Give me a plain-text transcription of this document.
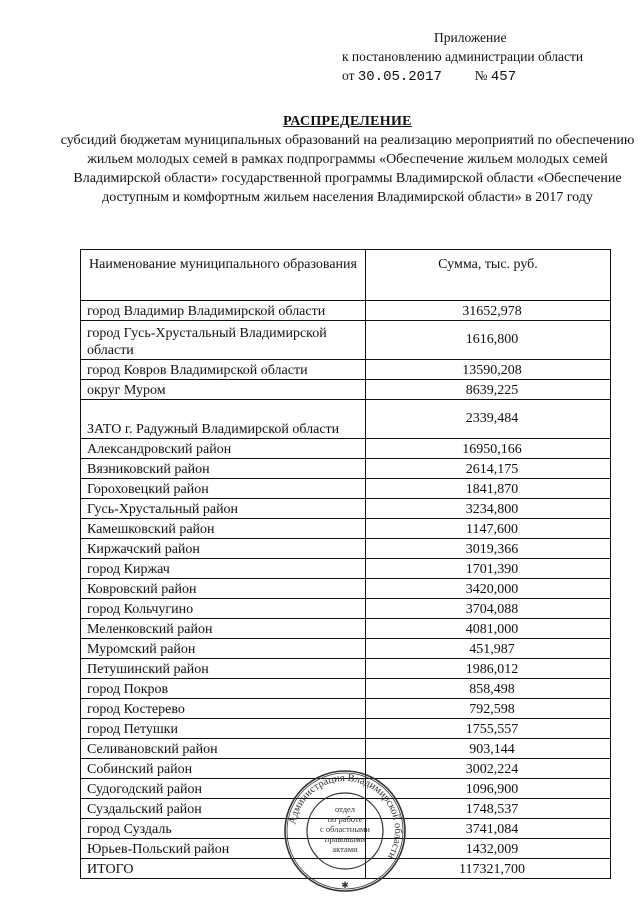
Приложение
к постановлению администрации области
от 30.05.2017 № 457
РАСПРЕДЕЛЕНИЕ
субсидий бюджетам муниципальных образований на реализацию мероприятий по обеспечению жильем молодых семей в рамках подпрограммы «Обеспечение жильем молодых семей Владимирской области» государственной программы Владимирской области «Обеспечение доступным и комфортным жильем населения Владимирской области» в 2017 году
Наименование муниципального образования	Сумма, тыс. руб.
город Владимир Владимирской области	31652,978
город Гусь-Хрустальный Владимирской области	1616,800
город Ковров Владимирской области	13590,208
округ Муром	8639,225
ЗАТО г. Радужный Владимирской области	2339,484
Александровский район	16950,166
Вязниковский район	2614,175
Гороховецкий район	1841,870
Гусь-Хрустальный район	3234,800
Камешковский район	1147,600
Киржачский район	3019,366
город Киржач	1701,390
Ковровский район	3420,000
город Кольчугино	3704,088
Меленковский район	4081,000
Муромский район	451,987
Петушинский район	1986,012
город Покров	858,498
город Костерево	792,598
город Петушки	1755,557
Селивановский район	903,144
Собинский район	3002,224
Судогодский район	1096,900
Суздальский район	1748,537
город Суздаль	3741,084
Юрьев-Польский район	1432,009
ИТОГО	117321,700
Администрация Владимирской области
отдел
по работе
с областными
правовыми
актами
✱
